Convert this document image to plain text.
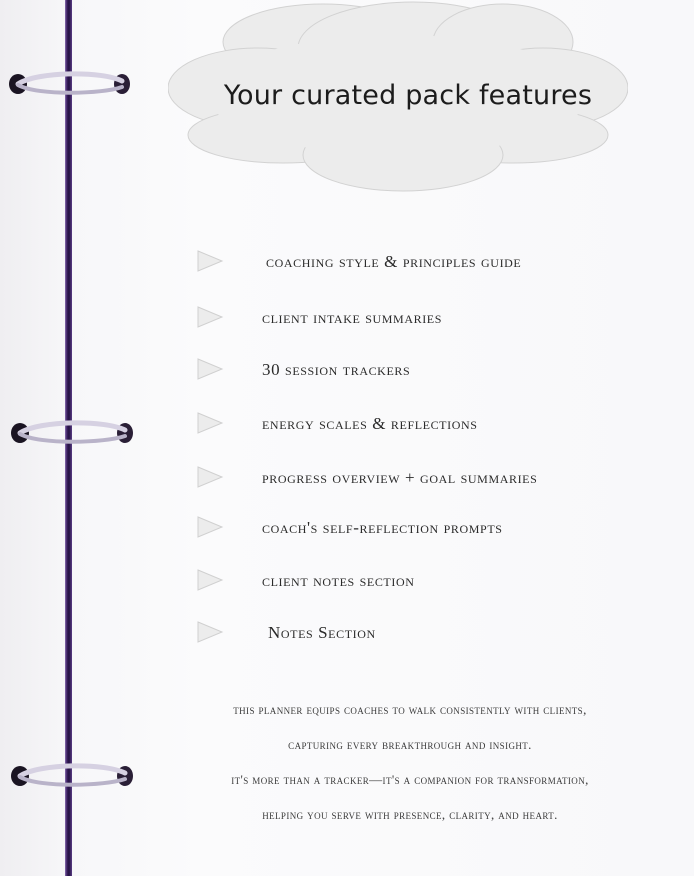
Your curated pack features
coaching style & principles guide
client intake summaries
30 session trackers
energy scales & reflections
progress overview + goal summaries
coach's self-reflection prompts
client notes section
Notes Section
this planner equips coaches to walk consistently with clients,
capturing every breakthrough and insight.
it's more than a tracker—it's a companion for transformation,
helping you serve with presence, clarity, and heart.
